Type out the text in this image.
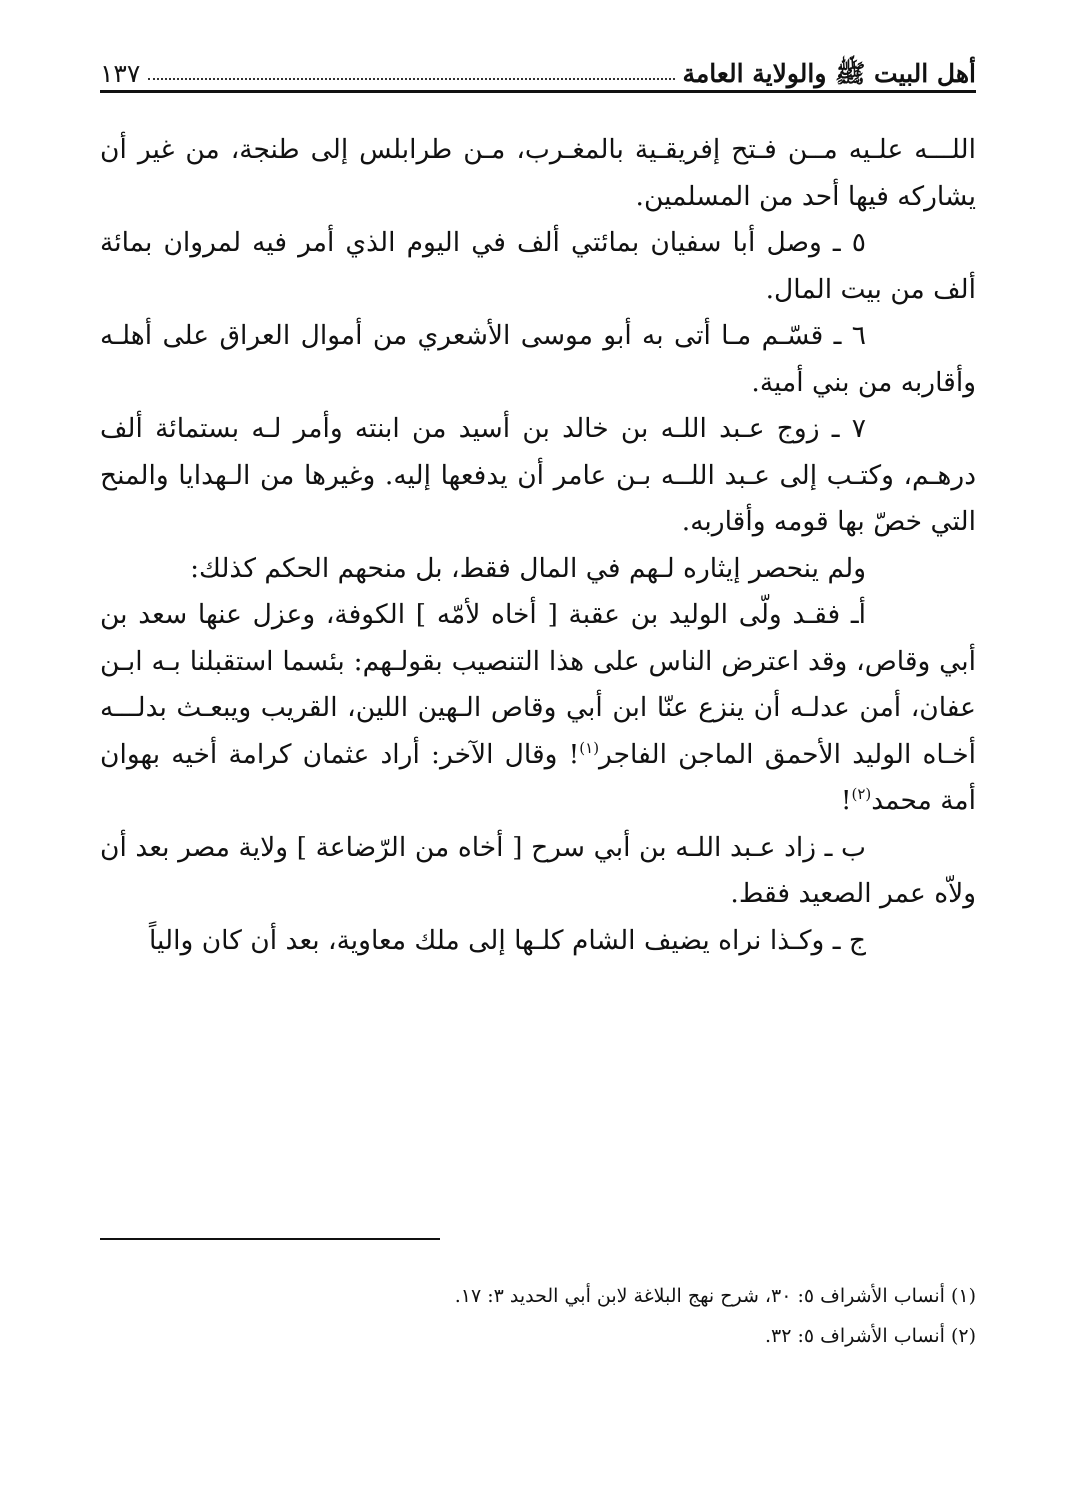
أهل البيت ﷺ والولاية العامة
١٣٧

اللـــه علـيه مــن فـتح إفريقـية بالمغـرب، مـن طرابلس إلى طنجة، من غير أن يشاركه فيها أحد من المسلمين.

٥ ـ وصل أبا سفيان بمائتي ألف في اليوم الذي أمر فيه لمروان بمائة ألف من بيت المال.

٦ ـ قسّـم مـا أتى به أبو موسى الأشعري من أموال العراق على أهلـه وأقاربه من بني أمية.

٧ ـ زوج عـبد اللـه بن خالد بن أسيد من ابنته وأمر لـه بستمائة ألف درهـم، وكتـب إلى عـبد اللــه بـن عامر أن يدفعها إليه. وغيرها من الـهدايا والمنح التي خصّ بها قومه وأقاربه.

ولم ينحصر إيثاره لـهم في المال فقط، بل منحهم الحكم كذلك:

أـ فقـد ولّى الوليد بن عقبة [ أخاه لأمّه ] الكوفة، وعزل عنها سعد بن أبي وقاص، وقد اعترض الناس على هذا التنصيب بقولـهم: بئسما استقبلنا بـه ابـن عفان، أمن عدلـه أن ينزع عنّا ابن أبي وقاص الـهين اللين، القريب ويبعـث بدلـــه أخـاه الوليد الأحمق الماجن الفاجر$^{(١)}$! وقال الآخر: أراد عثمان كرامة أخيه بهوان أمة محمد$^{(٢)}$!

ب ـ زاد عـبد اللـه بن أبي سرح [ أخاه من الرّضاعة ] ولاية مصر بعد أن ولاّه عمر الصعيد فقط.

ج ـ وكـذا نراه يضيف الشام كلـها إلى ملك معاوية، بعد أن كان والياً

(١) أنساب الأشراف ٥: ٣٠، شرح نهج البلاغة لابن أبي الحديد ٣: ١٧.

(٢) أنساب الأشراف ٥: ٣٢.
